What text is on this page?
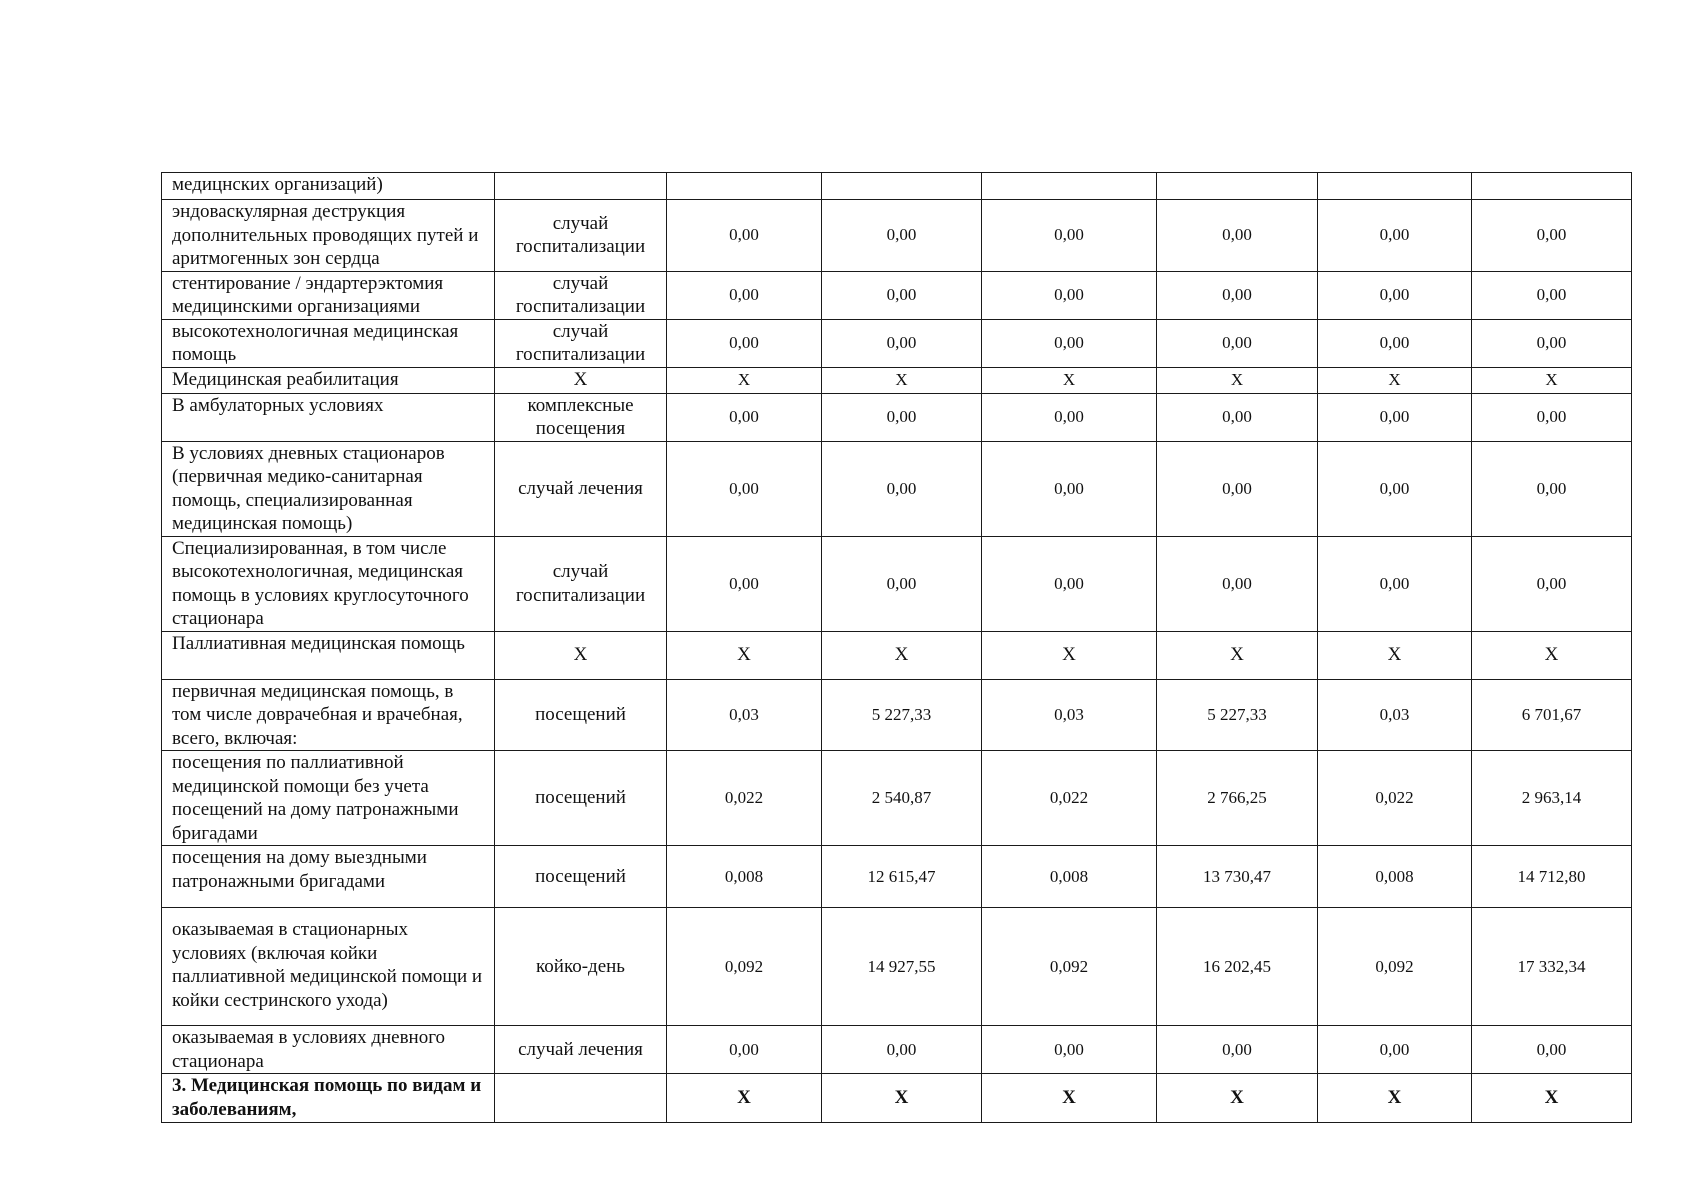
медицнских организаций)							
эндоваскулярная деструкция дополнительных проводящих путей и аритмогенных зон сердца	случай госпитализации	0,00	0,00	0,00	0,00	0,00	0,00
стентирование / эндартерэктомия медицинскими организациями	случай госпитализации	0,00	0,00	0,00	0,00	0,00	0,00
высокотехнологичная медицинская помощь	случай госпитализации	0,00	0,00	0,00	0,00	0,00	0,00
Медицинская реабилитация	Х	Х	Х	Х	Х	Х	Х
В амбулаторных условиях	комплексные посещения	0,00	0,00	0,00	0,00	0,00	0,00
В условиях дневных стационаров (первичная медико-санитарная помощь, специализированная медицинская помощь)	случай лечения	0,00	0,00	0,00	0,00	0,00	0,00
Специализированная, в том числе высокотехнологичная, медицинская помощь в условиях круглосуточного стационара	случай госпитализации	0,00	0,00	0,00	0,00	0,00	0,00
Паллиативная медицинская помощь	Х	Х	Х	Х	Х	Х	Х
первичная медицинская помощь, в том числе доврачебная и врачебная, всего, включая:	посещений	0,03	5 227,33	0,03	5 227,33	0,03	6 701,67
посещения по паллиативной медицинской помощи без учета посещений на дому патронажными бригадами	посещений	0,022	2 540,87	0,022	2 766,25	0,022	2 963,14
посещения на дому выездными патронажными бригадами	посещений	0,008	12 615,47	0,008	13 730,47	0,008	14 712,80
оказываемая в стационарных условиях (включая койки паллиативной медицинской помощи и койки сестринского ухода)	койко-день	0,092	14 927,55	0,092	16 202,45	0,092	17 332,34
оказываемая в условиях дневного стационара	случай лечения	0,00	0,00	0,00	0,00	0,00	0,00
3. Медицинская помощь по видам и заболеваниям,		Х	Х	Х	Х	Х	Х
